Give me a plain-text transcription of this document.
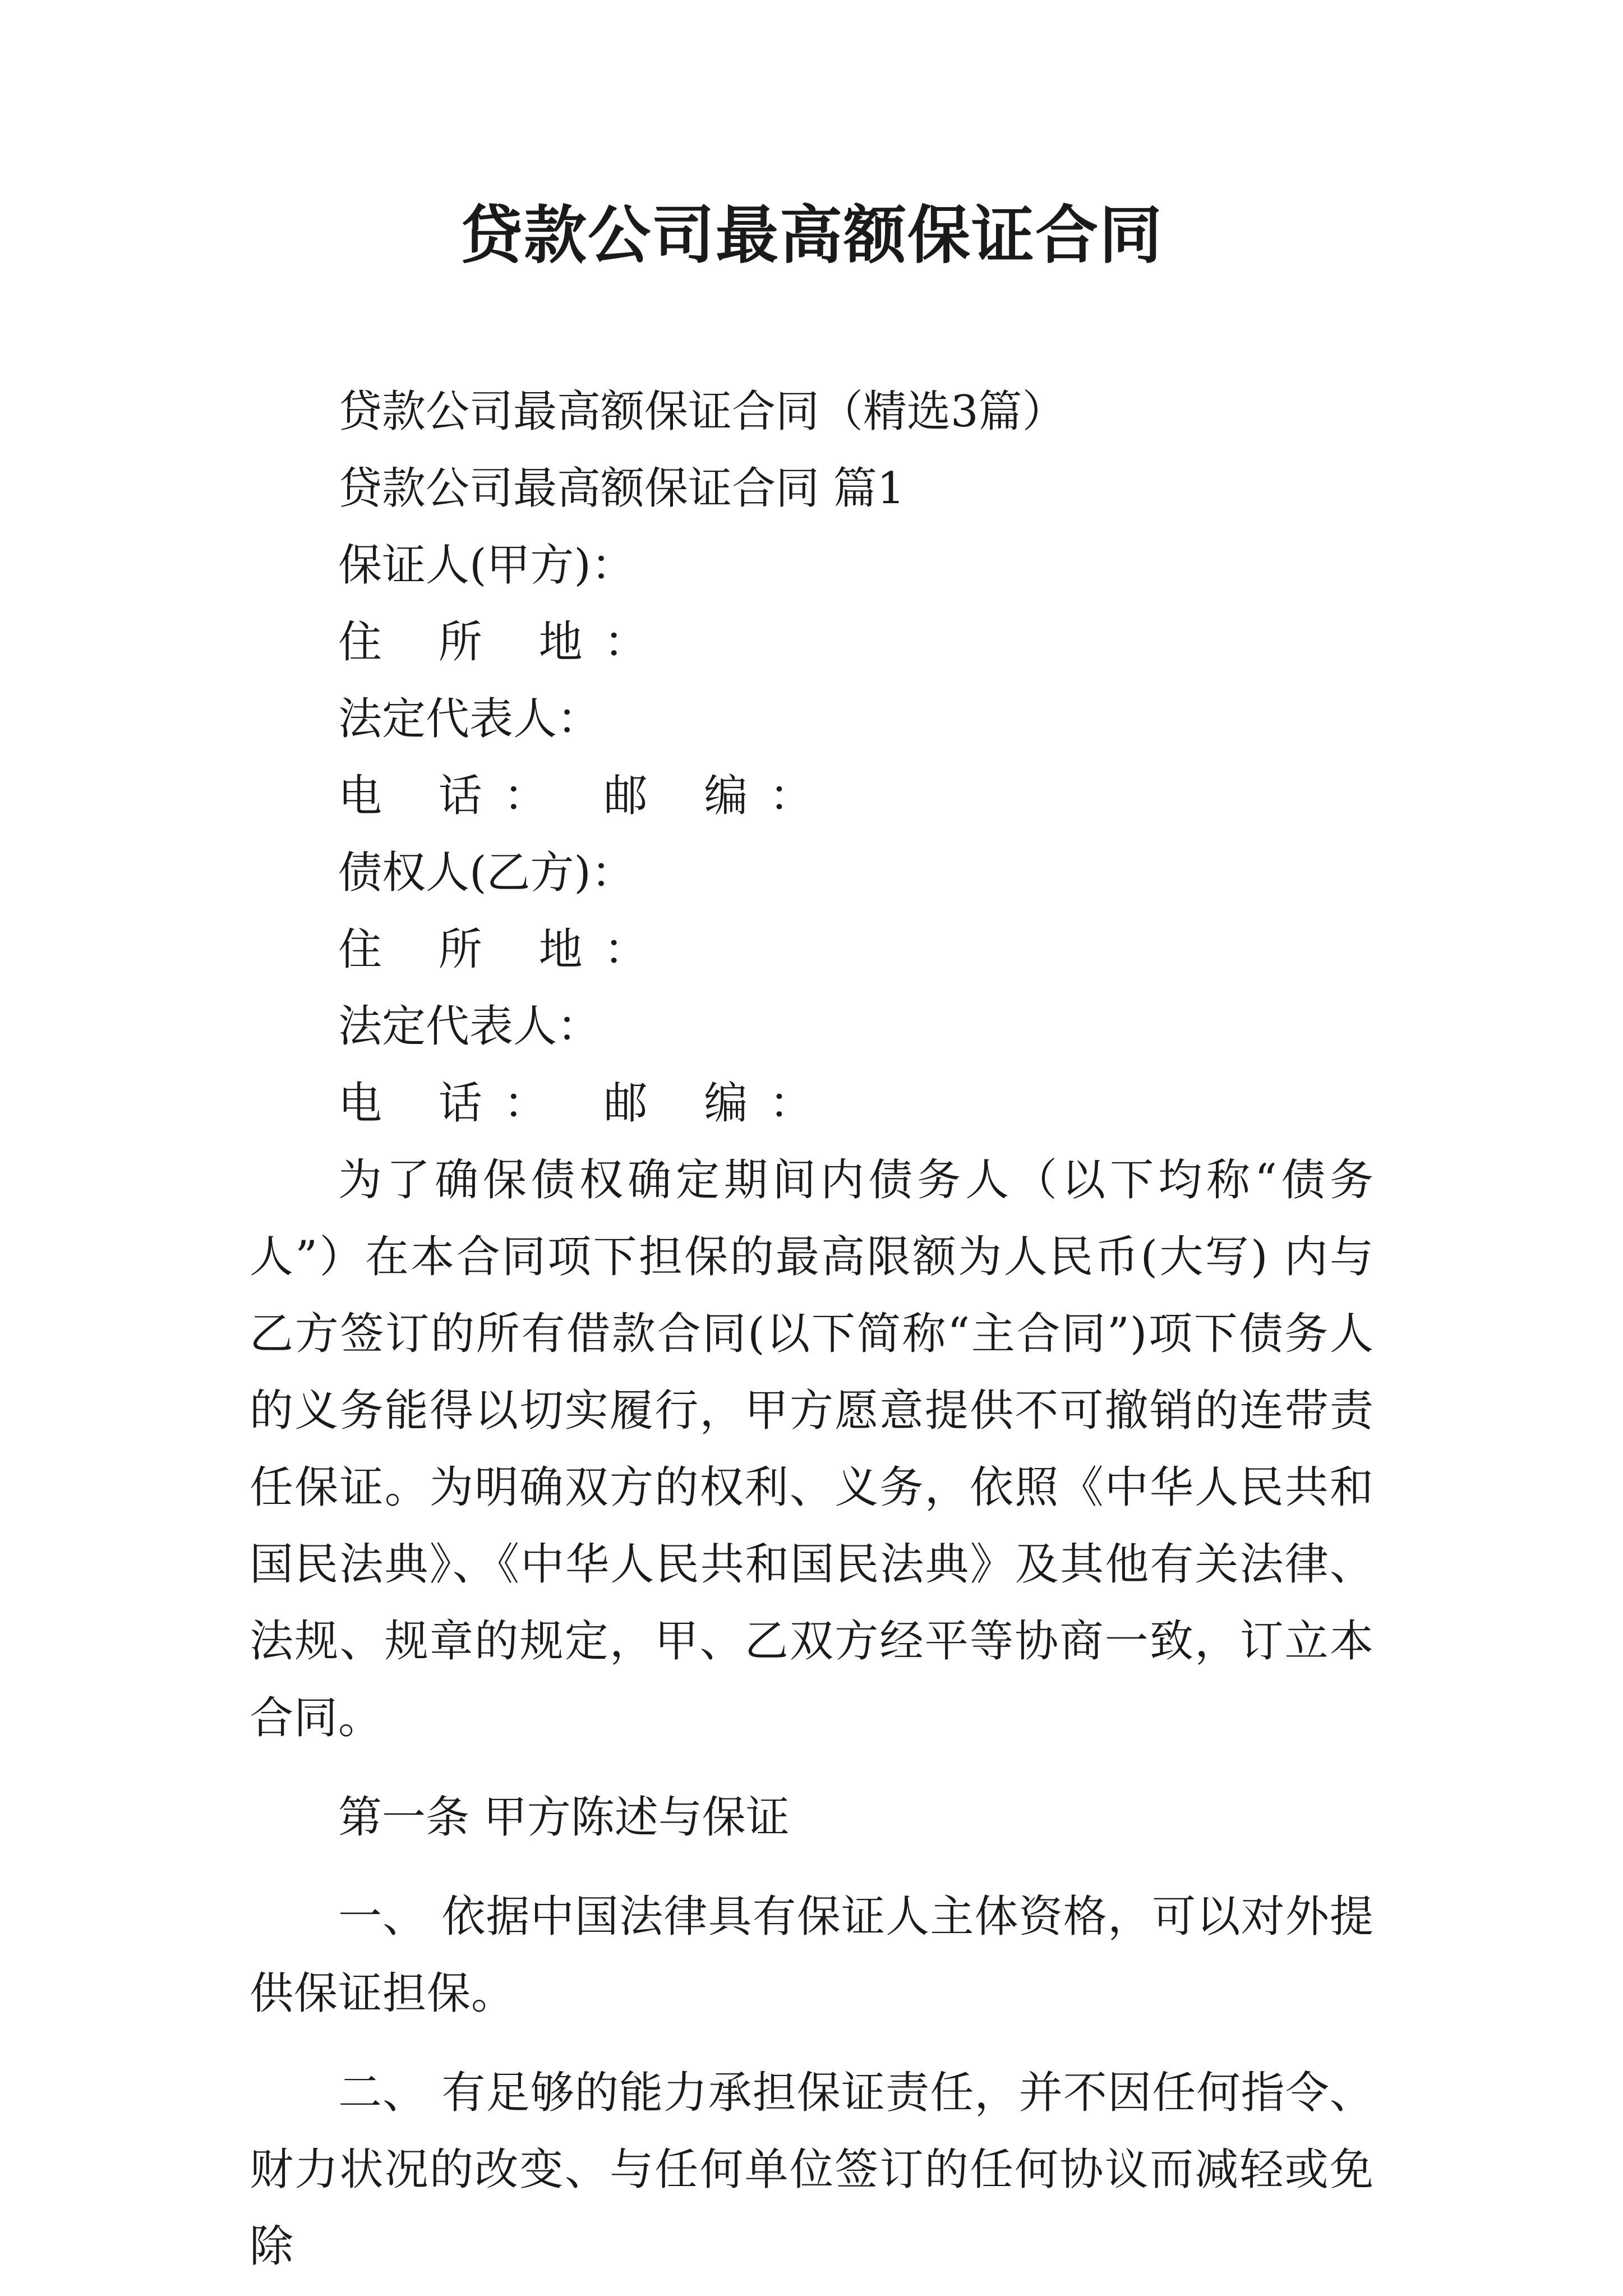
贷款公司最高额保证合同

贷款公司最高额保证合同（精选3篇）

贷款公司最高额保证合同 篇1

保证人(甲方)：

住 所 地：

法定代表人：

电 话： 邮 编：

债权人(乙方)：

住 所 地：

法定代表人：

电 话： 邮 编：

为了确保债权确定期间内债务人（以下均称“债务人”）在本合同项下担保的最高限额为人民币(大写) 内与乙方签订的所有借款合同(以下简称“主合同”)项下债务人的义务能得以切实履行，甲方愿意提供不可撤销的连带责任保证。为明确双方的权利、义务，依照《中华人民共和国民法典》、《中华人民共和国民法典》及其他有关法律、法规、规章的规定，甲、乙双方经平等协商一致，订立本合同。

第一条 甲方陈述与保证

一、 依据中国法律具有保证人主体资格，可以对外提供保证担保。

二、 有足够的能力承担保证责任，并不因任何指令、财力状况的改变、与任何单位签订的任何协议而减轻或免除
